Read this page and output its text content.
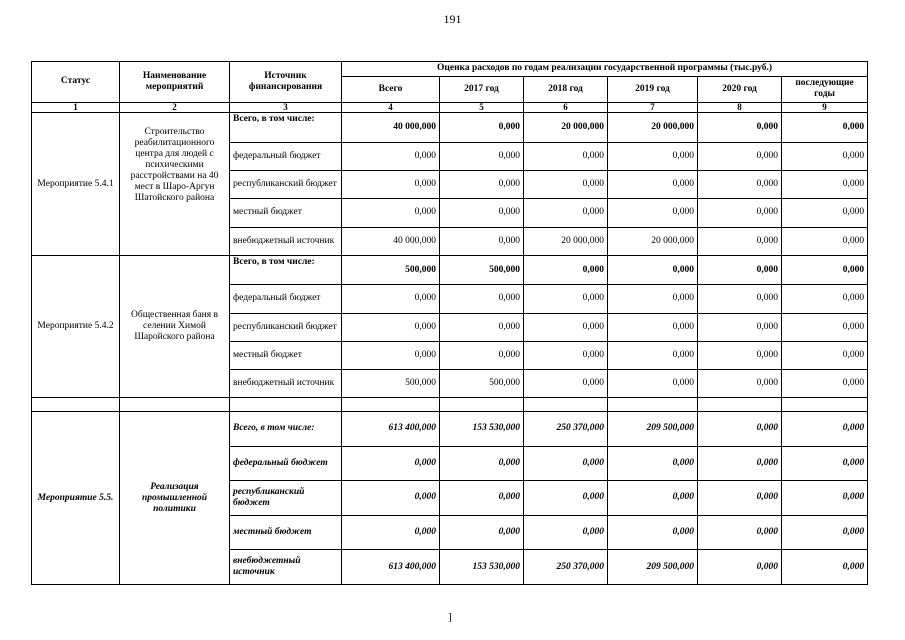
191
Статус	Наименование мероприятий	Источник финансирования	Оценка расходов по годам реализации государственной программы (тыс.руб.)					
			Всего	2017 год	2018 год	2019 год	2020 год	последующие годы
1	2	3	4	5	6	7	8	9
Мероприятие 5.4.1	Строительство реабилитационного центра для людей с психическими расстройствами на 40 мест в Шаро-Аргун Шатойского района	Всего, в том числе:	40 000,000	0,000	20 000,000	20 000,000	0,000	0,000
		федеральный бюджет	0,000	0,000	0,000	0,000	0,000	0,000
		республиканский бюджет	0,000	0,000	0,000	0,000	0,000	0,000
		местный бюджет	0,000	0,000	0,000	0,000	0,000	0,000
		внебюджетный источник	40 000,000	0,000	20 000,000	20 000,000	0,000	0,000
Мероприятие 5.4.2	Общественная баня в селении Химой Шаройского района	Всего, в том числе:	500,000	500,000	0,000	0,000	0,000	0,000
		федеральный бюджет	0,000	0,000	0,000	0,000	0,000	0,000
		республиканский бюджет	0,000	0,000	0,000	0,000	0,000	0,000
		местный бюджет	0,000	0,000	0,000	0,000	0,000	0,000
		внебюджетный источник	500,000	500,000	0,000	0,000	0,000	0,000

Мероприятие 5.5.	Реализация промышленной политики	Всего, в том числе:	613 400,000	153 530,000	250 370,000	209 500,000	0,000	0,000
		федеральный бюджет	0,000	0,000	0,000	0,000	0,000	0,000
		республиканский бюджет	0,000	0,000	0,000	0,000	0,000	0,000
		местный бюджет	0,000	0,000	0,000	0,000	0,000	0,000
		внебюджетный источник	613 400,000	153 530,000	250 370,000	209 500,000	0,000	0,000
]
